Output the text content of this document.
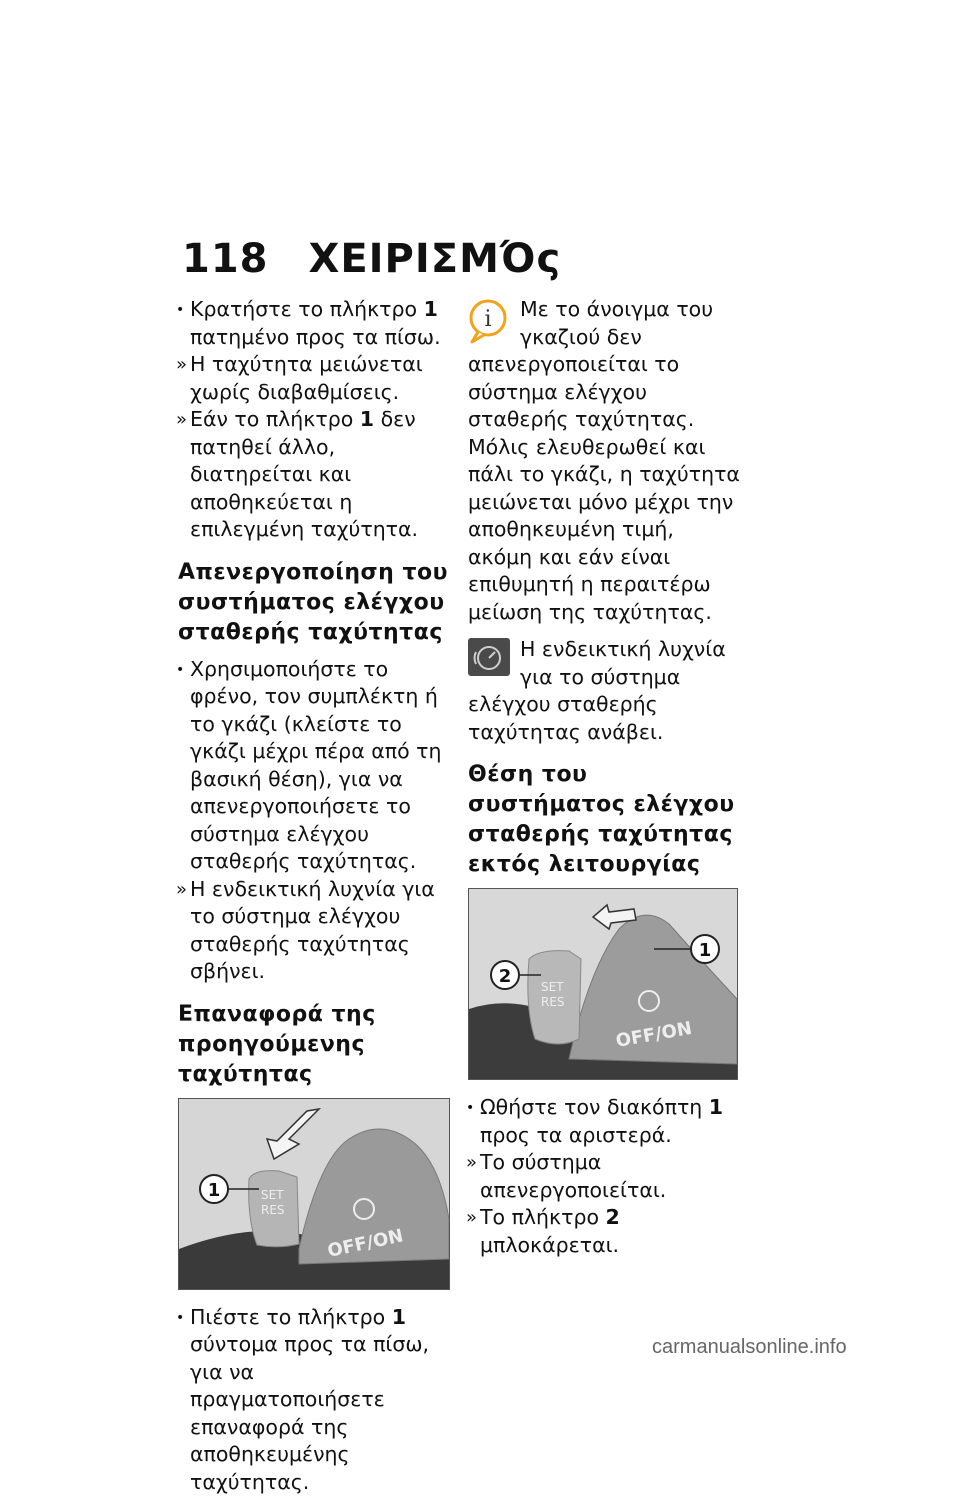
118 ΧΕΙΡΙΣΜΌς

• Κρατήστε το πλήκτρο 1 πατημένο προς τα πίσω.

» Η ταχύτητα μειώνεται χωρίς διαβαθμίσεις.

» Εάν το πλήκτρο 1 δεν πατηθεί άλλο, διατηρείται και αποθηκεύεται η επιλεγμένη ταχύτητα.

Απενεργοποίηση του συστήματος ελέγχου σταθερής ταχύτητας

• Χρησιμοποιήστε το φρένο, τον συμπλέκτη ή το γκάζι (κλείστε το γκάζι μέχρι πέρα από τη βασική θέση), για να απενεργοποιήσετε το σύστημα ελέγχου σταθερής ταχύτητας.

» Η ενδεικτική λυχνία για το σύστημα ελέγχου σταθερής ταχύτητας σβήνει.

Επαναφορά της προηγούμενης ταχύτητας
SET
RES
OFF/ON
1

• Πιέστε το πλήκτρο 1 σύντομα προς τα πίσω, για να πραγματοποιήσετε επαναφορά της αποθηκευμένης ταχύτητας.

i Με το άνοιγμα του γκαζιού δεν απενεργοποιείται το σύστημα ελέγχου σταθερής ταχύτητας. Μόλις ελευθερωθεί και πάλι το γκάζι, η ταχύτητα μειώνεται μόνο μέχρι την αποθηκευμένη τιμή, ακόμη και εάν είναι επιθυμητή η περαιτέρω μείωση της ταχύτητας.
Η ενδεικτική λυχνία για το σύστημα ελέγχου σταθερής ταχύτητας ανάβει.
Θέση του συστήματος ελέγχου σταθερής ταχύτητας εκτός λειτουργίας
SET
RES
OFF/ON
1
2

• Ωθήστε τον διακόπτη 1 προς τα αριστερά.

» Το σύστημα απενεργοποιείται.

» Το πλήκτρο 2 μπλοκάρεται.

carmanualsonline.info
